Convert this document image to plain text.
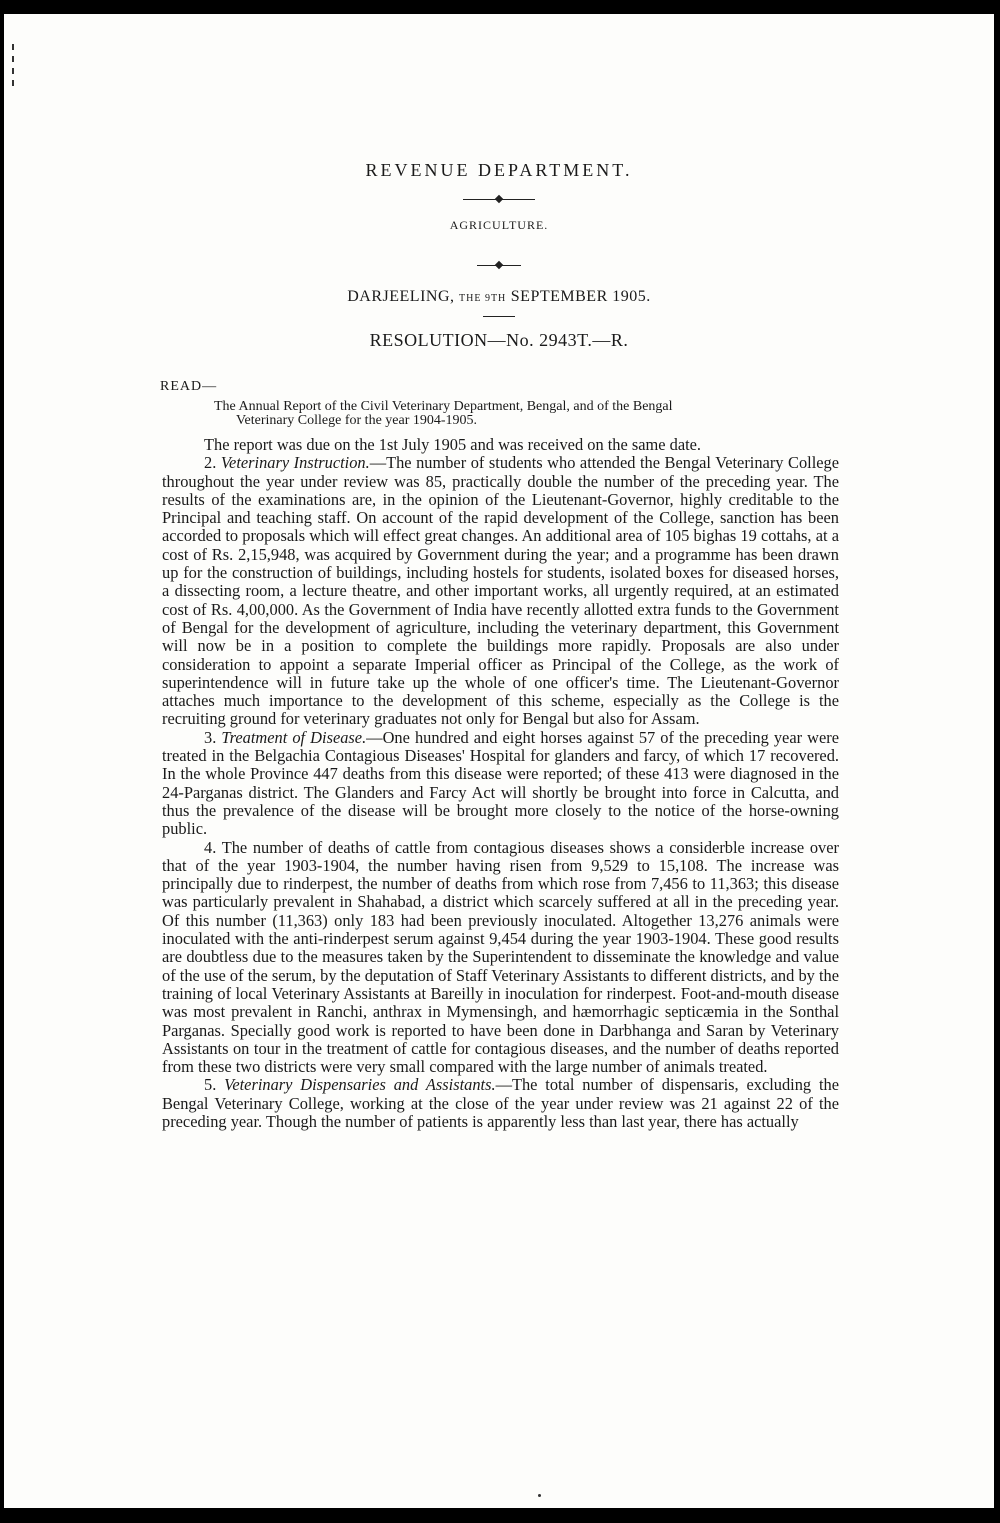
REVENUE DEPARTMENT.
AGRICULTURE.
DARJEELING, THE 9TH SEPTEMBER 1905.
RESOLUTION—No. 2943T.—R.
READ—
The Annual Report of the Civil Veterinary Department, Bengal, and of the Bengal
Veterinary College for the year 1904-1905.

The report was due on the 1st July 1905 and was received on the same date.

2. Veterinary Instruction.—The number of students who attended the Bengal Veterinary College throughout the year under review was 85, practically double the number of the preceding year. The results of the examinations are, in the opinion of the Lieutenant-Governor, highly creditable to the Principal and teaching staff. On account of the rapid development of the College, sanction has been accorded to proposals which will effect great changes. An additional area of 105 bighas 19 cottahs, at a cost of Rs. 2,15,948, was acquired by Government during the year; and a programme has been drawn up for the construction of buildings, including hostels for students, isolated boxes for diseased horses, a dissecting room, a lecture theatre, and other important works, all urgently required, at an estimated cost of Rs. 4,00,000. As the Government of India have recently allotted extra funds to the Government of Bengal for the development of agriculture, including the veterinary department, this Government will now be in a position to complete the buildings more rapidly. Proposals are also under consideration to appoint a separate Imperial officer as Principal of the College, as the work of superintendence will in future take up the whole of one officer's time. The Lieutenant-Governor attaches much importance to the development of this scheme, especially as the College is the recruiting ground for veterinary graduates not only for Bengal but also for Assam.

3. Treatment of Disease.—One hundred and eight horses against 57 of the preceding year were treated in the Belgachia Contagious Diseases' Hospital for glanders and farcy, of which 17 recovered. In the whole Province 447 deaths from this disease were reported; of these 413 were diagnosed in the 24-Parganas district. The Glanders and Farcy Act will shortly be brought into force in Calcutta, and thus the prevalence of the disease will be brought more closely to the notice of the horse-owning public.

4. The number of deaths of cattle from contagious diseases shows a considerble increase over that of the year 1903-1904, the number having risen from 9,529 to 15,108. The increase was principally due to rinderpest, the number of deaths from which rose from 7,456 to 11,363; this disease was particularly prevalent in Shahabad, a district which scarcely suffered at all in the preceding year. Of this number (11,363) only 183 had been previously inoculated. Altogether 13,276 animals were inoculated with the anti-rinderpest serum against 9,454 during the year 1903-1904. These good results are doubtless due to the measures taken by the Superintendent to disseminate the knowledge and value of the use of the serum, by the deputation of Staff Veterinary Assistants to different districts, and by the training of local Veterinary Assistants at Bareilly in inoculation for rinderpest. Foot-and-mouth disease was most prevalent in Ranchi, anthrax in Mymensingh, and hæmorrhagic septicæmia in the Sonthal Parganas. Specially good work is reported to have been done in Darbhanga and Saran by Veterinary Assistants on tour in the treatment of cattle for contagious diseases, and the number of deaths reported from these two districts were very small compared with the large number of animals treated.

5. Veterinary Dispensaries and Assistants.—The total number of dispensaris, excluding the Bengal Veterinary College, working at the close of the year under review was 21 against 22 of the preceding year. Though the number of patients is apparently less than last year, there has actually
